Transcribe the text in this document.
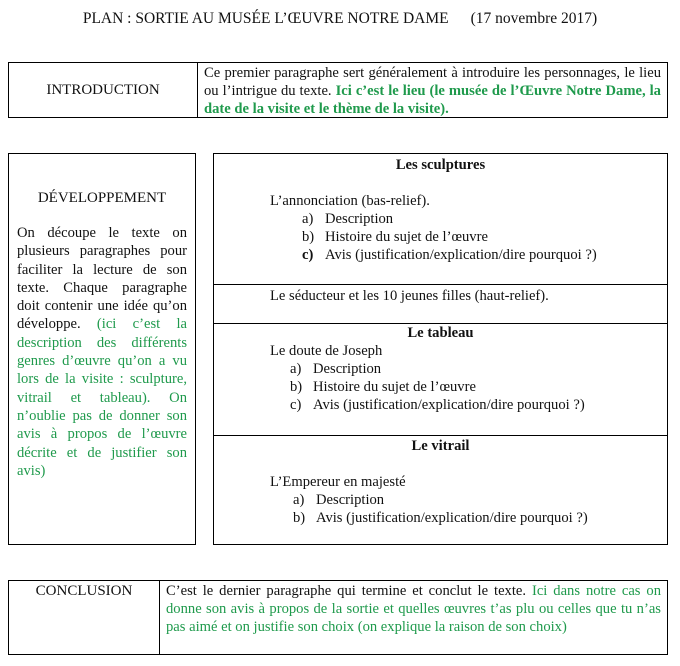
PLAN : SORTIE AU MUSÉE L’ŒUVRE NOTRE DAME (17 novembre 2017)
INTRODUCTION
Ce premier paragraphe sert généralement à introduire les personnages, le lieu ou l’intrigue du texte. Ici c’est le lieu (le musée de l’Œuvre Notre Dame, la date de la visite et le thème de la visite).
DÉVELOPPEMENT
On découpe le texte on plusieurs paragraphes pour faciliter la lecture de son texte. Chaque paragraphe doit contenir une idée qu’on développe. (ici c’est la description des différents genres d’œuvre qu’on a vu lors de la visite : sculpture, vitrail et tableau). On n’oublie pas de donner son avis à propos de l’œuvre décrite et de justifier son avis)
Les sculptures
L’annonciation (bas-relief).
a) Description
b) Histoire du sujet de l’œuvre
c) Avis (justification/explication/dire pourquoi ?)
Le séducteur et les 10 jeunes filles (haut-relief).
Le tableau
Le doute de Joseph
a) Description
b) Histoire du sujet de l’œuvre
c) Avis (justification/explication/dire pourquoi ?)
Le vitrail
L’Empereur en majesté
a) Description
b) Avis (justification/explication/dire pourquoi ?)
CONCLUSION	C’est le dernier paragraphe qui termine et conclut le texte. Ici dans notre cas on donne son avis à propos de la sortie et quelles œuvres t’as plu ou celles que tu n’as pas aimé et on justifie son choix (on explique la raison de son choix)
